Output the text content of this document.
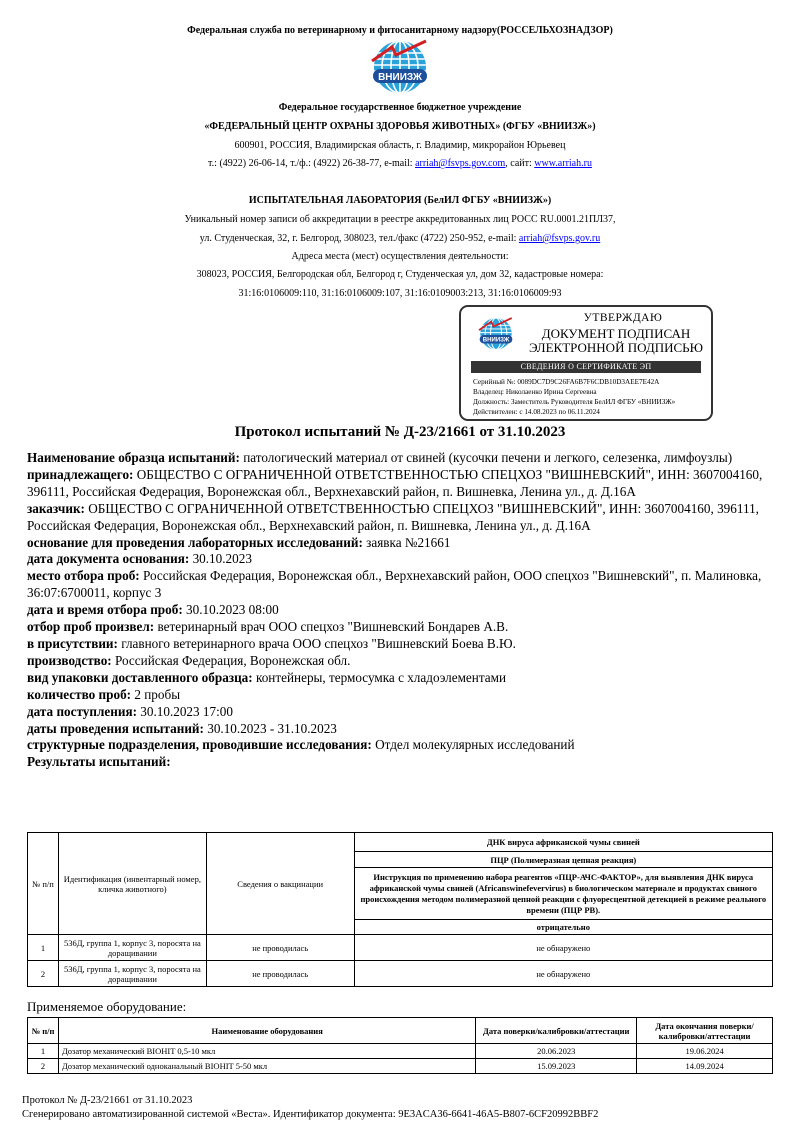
Федеральная служба по ветеринарному и фитосанитарному надзору(РОССЕЛЬХОЗНАДЗОР)
ВНИИЗЖ
Федеральное государственное бюджетное учреждение
«ФЕДЕРАЛЬНЫЙ ЦЕНТР ОХРАНЫ ЗДОРОВЬЯ ЖИВОТНЫХ» (ФГБУ «ВНИИЗЖ»)
600901, РОССИЯ, Владимирская область, г. Владимир, микрорайон Юрьевец
т.: (4922) 26-06-14, т./ф.: (4922) 26-38-77, e-mail: arriah@fsvps.gov.com, сайт: www.arriah.ru
ИСПЫТАТЕЛЬНАЯ ЛАБОРАТОРИЯ (БелИЛ ФГБУ «ВНИИЗЖ»)
Уникальный номер записи об аккредитации в реестре аккредитованных лиц РОСС RU.0001.21ПЛ37,
ул. Студенческая, 32, г. Белгород, 308023, тел./факс (4722) 250-952, e-mail: arriah@fsvps.gov.ru
Адреса места (мест) осуществления деятельности:
308023, РОССИЯ, Белгородская обл, Белгород г, Студенческая ул, дом 32, кадастровые номера:
31:16:0106009:110, 31:16:0106009:107, 31:16:0109003:213, 31:16:0106009:93
ВНИИЗЖ
УТВЕРЖДАЮ
ДОКУМЕНТ ПОДПИСАН
ЭЛЕКТРОННОЙ ПОДПИСЬЮ
СВЕДЕНИЯ О СЕРТИФИКАТЕ ЭП
Серийный №: 0089DC7D9C26FA6B7F6CDB10D3AEE7E42A
Владелец: Николаенко Ирина Сергеевна
Должность: Заместитель Руководителя БелИЛ ФГБУ «ВНИИЗЖ»
Действителен: с 14.08.2023 по 06.11.2024
Протокол испытаний № Д-23/21661 от 31.10.2023

Наименование образца испытаний: патологический материал от свиней (кусочки печени и легкого, селезенка, лимфоузлы)

принадлежащего: ОБЩЕСТВО С ОГРАНИЧЕННОЙ ОТВЕТСТВЕННОСТЬЮ СПЕЦХОЗ "ВИШНЕВСКИЙ", ИНН: 3607004160, 396111, Российская Федерация, Воронежская обл., Верхнехавский район, п. Вишневка, Ленина ул., д. Д.16А

заказчик: ОБЩЕСТВО С ОГРАНИЧЕННОЙ ОТВЕТСТВЕННОСТЬЮ СПЕЦХОЗ "ВИШНЕВСКИЙ", ИНН: 3607004160, 396111, Российская Федерация, Воронежская обл., Верхнехавский район, п. Вишневка, Ленина ул., д. Д.16А

основание для проведения лабораторных исследований: заявка №21661

дата документа основания: 30.10.2023

место отбора проб: Российская Федерация, Воронежская обл., Верхнехавский район, ООО спецхоз "Вишневский", п. Малиновка, 36:07:6700011, корпус 3

дата и время отбора проб: 30.10.2023 08:00

отбор проб произвел: ветеринарный врач ООО спецхоз "Вишневский Бондарев А.В.

в присутствии: главного ветеринарного врача ООО спецхоз "Вишневский Боева В.Ю.

производство: Российская Федерация, Воронежская обл.

вид упаковки доставленного образца: контейнеры, термосумка с хладоэлементами

количество проб: 2 пробы

дата поступления: 30.10.2023 17:00

даты проведения испытаний: 30.10.2023 - 31.10.2023

структурные подразделения, проводившие исследования: Отдел молекулярных исследований

Результаты испытаний:

№ п/п	Идентификация (инвентарный номер, кличка животного)	Сведения о вакцинации	ДНК вируса африканской чумы свиней
			ПЦР (Полимеразная цепная реакция)
			Инструкция по применению набора реагентов «ПЦР-АЧС-ФАКТОР», для выявления ДНК вируса африканской чумы свиней (Africanswinefevervirus) в биологическом материале и продуктах свиного происхождения методом полимеразной цепной реакции с флуоресцентной детекцией в режиме реального времени (ПЦР РВ).
			отрицательно
1	536Д, группа 1, корпус 3, поросята на доращивании	не проводилась	не обнаружено
2	536Д, группа 1, корпус 3, поросята на доращивании	не проводилась	не обнаружено
Применяемое оборудование:
№ п/п	Наименование оборудования	Дата поверки/калибровки/аттестации	Дата окончания поверки/калибровки/аттестации
1	Дозатор механический BIOHIT 0,5-10 мкл	20.06.2023	19.06.2024
2	Дозатор механический одноканальный BIOHIT 5-50 мкл	15.09.2023	14.09.2024
Протокол № Д-23/21661 от 31.10.2023
Сгенерировано автоматизированной системой «Веста». Идентификатор документа: 9E3ACA36-6641-46A5-B807-6CF20992BBF2
